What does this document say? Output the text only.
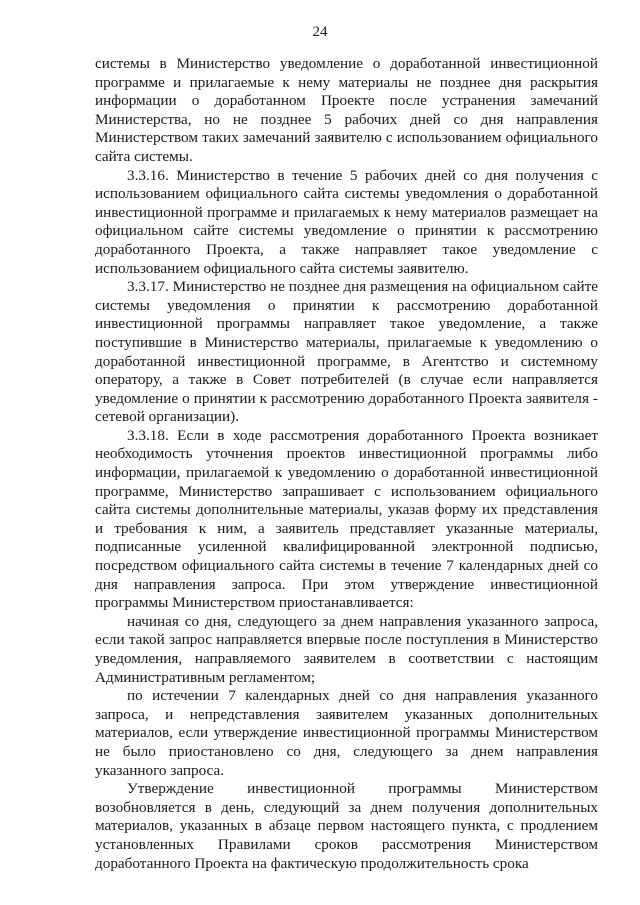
24

системы в Министерство уведомление о доработанной инвестиционной программе и прилагаемые к нему материалы не позднее дня раскрытия информации о доработанном Проекте после устранения замечаний Министерства, но не позднее 5 рабочих дней со дня направления Министерством таких замечаний заявителю с использованием официального сайта системы.

3.3.16. Министерство в течение 5 рабочих дней со дня получения с использованием официального сайта системы уведомления о доработанной инвестиционной программе и прилагаемых к нему материалов размещает на официальном сайте системы уведомление о принятии к рассмотрению доработанного Проекта, а также направляет такое уведомление с использованием официального сайта системы заявителю.

3.3.17. Министерство не позднее дня размещения на официальном сайте системы уведомления о принятии к рассмотрению доработанной инвестиционной программы направляет такое уведомление, а также поступившие в Министерство материалы, прилагаемые к уведомлению о доработанной инвестиционной программе, в Агентство и системному оператору, а также в Совет потребителей (в случае если направляется уведомление о принятии к рассмотрению доработанного Проекта заявителя - сетевой организации).

3.3.18. Если в ходе рассмотрения доработанного Проекта возникает необходимость уточнения проектов инвестиционной программы либо информации, прилагаемой к уведомлению о доработанной инвестиционной программе, Министерство запрашивает с использованием официального сайта системы дополнительные материалы, указав форму их представления и требования к ним, а заявитель представляет указанные материалы, подписанные усиленной квалифицированной электронной подписью, посредством официального сайта системы в течение 7 календарных дней со дня направления запроса. При этом утверждение инвестиционной программы Министерством приостанавливается:

начиная со дня, следующего за днем направления указанного запроса, если такой запрос направляется впервые после поступления в Министерство уведомления, направляемого заявителем в соответствии с настоящим Административным регламентом;

по истечении 7 календарных дней со дня направления указанного запроса, и непредставления заявителем указанных дополнительных материалов, если утверждение инвестиционной программы Министерством не было приостановлено со дня, следующего за днем направления указанного запроса.

Утверждение инвестиционной программы Министерством возобновляется в день, следующий за днем получения дополнительных материалов, указанных в абзаце первом настоящего пункта, с продлением установленных Правилами сроков рассмотрения Министерством доработанного Проекта на фактическую продолжительность срока
